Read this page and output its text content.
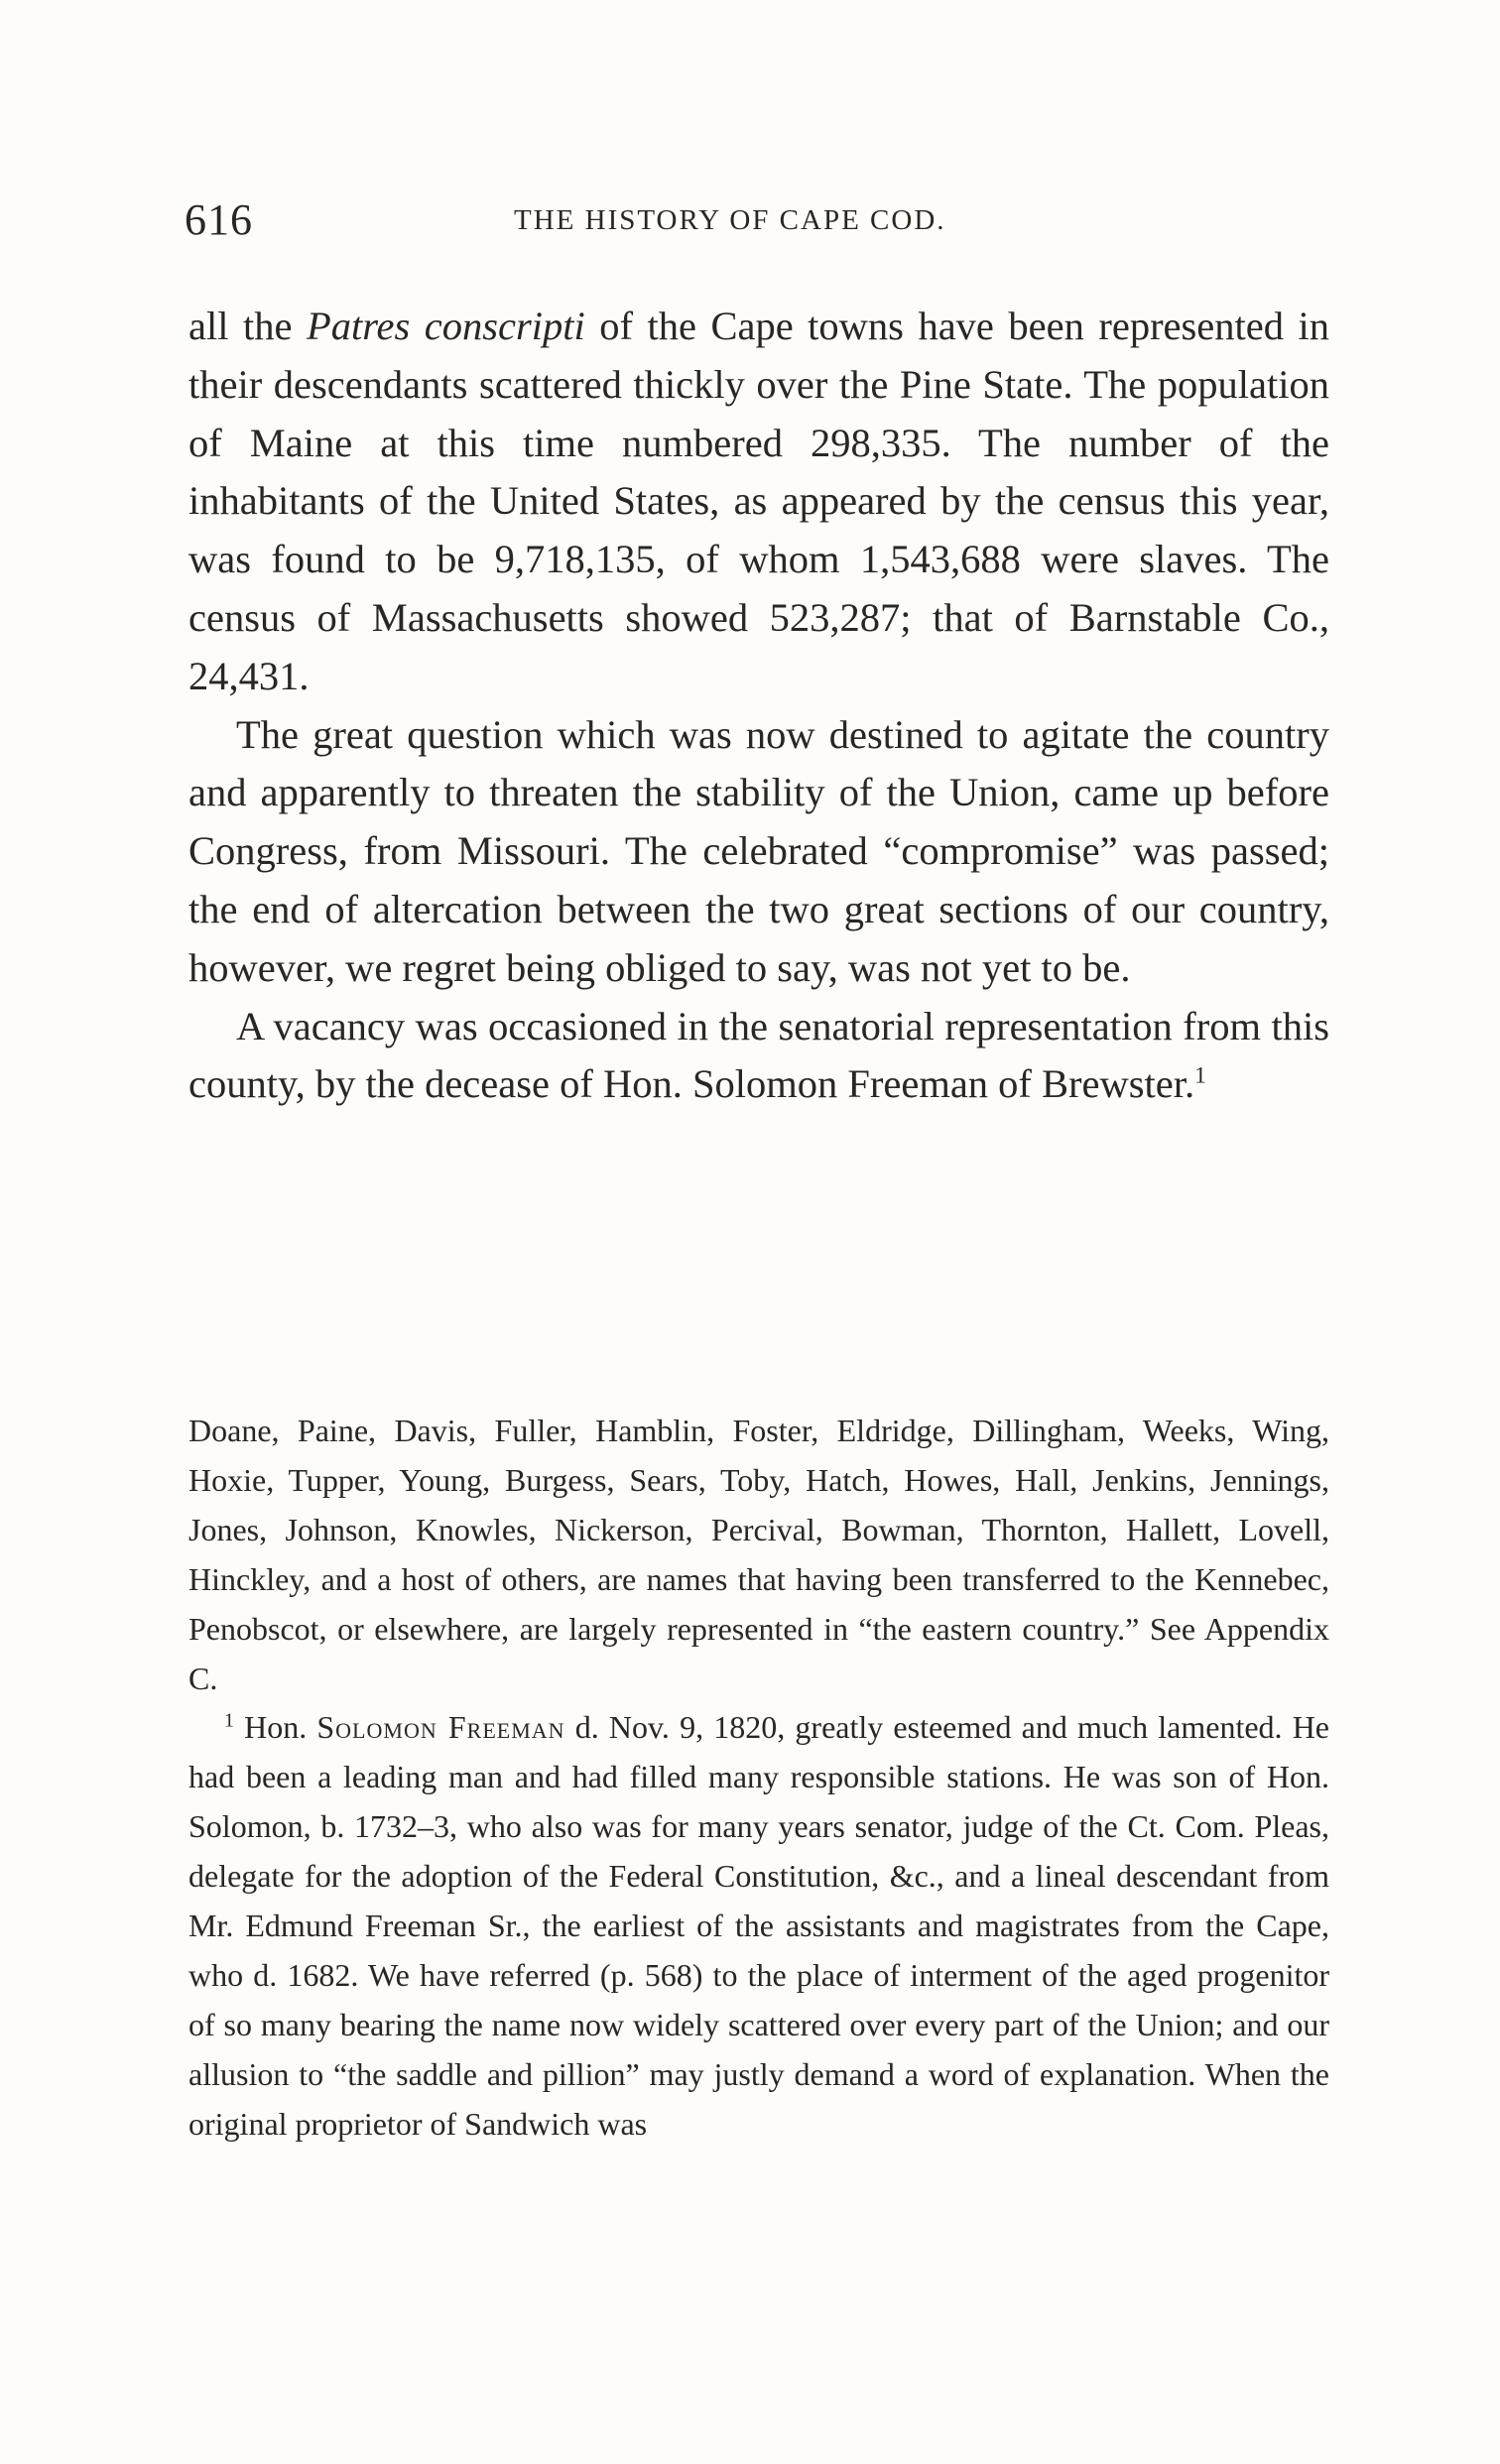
616	THE HISTORY OF CAPE COD.

all the Patres conscripti of the Cape towns have been represented in their descendants scattered thickly over the Pine State. The population of Maine at this time numbered 298,335. The number of the inhabitants of the United States, as appeared by the census this year, was found to be 9,718,135, of whom 1,543,688 were slaves. The census of Massachusetts showed 523,287; that of Barnstable Co., 24,431.

The great question which was now destined to agitate the country and apparently to threaten the stability of the Union, came up before Congress, from Missouri. The celebrated “compromise” was passed; the end of altercation between the two great sections of our country, however, we regret being obliged to say, was not yet to be.

A vacancy was occasioned in the senatorial representation from this county, by the decease of Hon. Solomon Freeman of Brewster.$^1$

Doane, Paine, Davis, Fuller, Hamblin, Foster, Eldridge, Dillingham, Weeks, Wing, Hoxie, Tupper, Young, Burgess, Sears, Toby, Hatch, Howes, Hall, Jenkins, Jennings, Jones, Johnson, Knowles, Nickerson, Percival, Bowman, Thornton, Hallett, Lovell, Hinckley, and a host of others, are names that having been transferred to the Kennebec, Penobscot, or elsewhere, are largely represented in “the eastern country.” See Appendix C.

$^1$ Hon. Solomon Freeman d. Nov. 9, 1820, greatly esteemed and much lamented. He had been a leading man and had filled many responsible stations. He was son of Hon. Solomon, b. 1732–3, who also was for many years senator, judge of the Ct. Com. Pleas, delegate for the adoption of the Federal Constitution, &c., and a lineal descendant from Mr. Edmund Freeman Sr., the earliest of the assistants and magistrates from the Cape, who d. 1682. We have referred (p. 568) to the place of interment of the aged progenitor of so many bearing the name now widely scattered over every part of the Union; and our allusion to “the saddle and pillion” may justly demand a word of explanation. When the original proprietor of Sandwich was
